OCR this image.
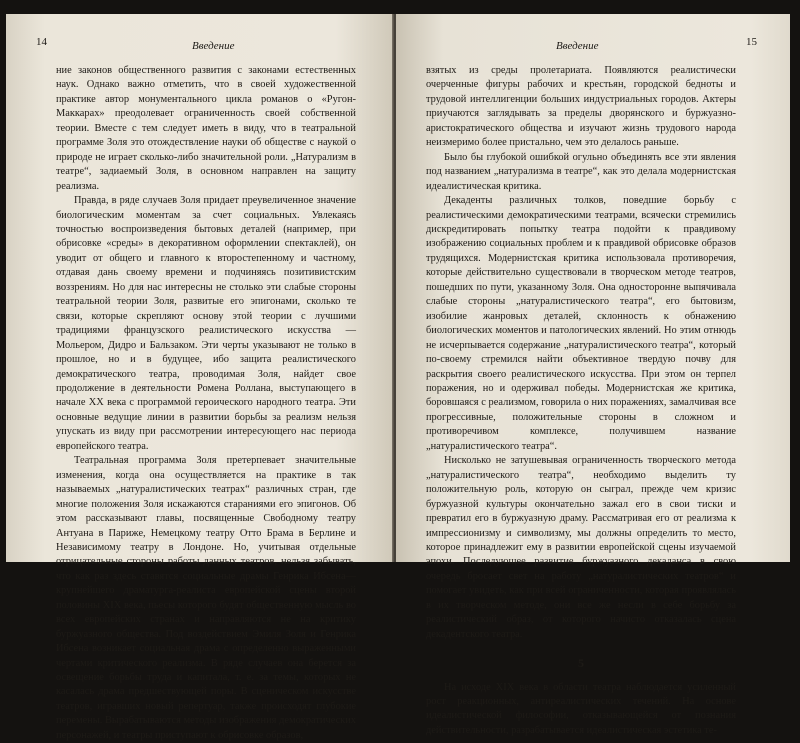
14	Введение

ние законов общественного развития с законами естественных наук. Однако важно отметить, что в своей художественной практике автор монументального цикла романов о «Ругон-Маккарах» преодолевает ограниченность своей собственной теории. Вместе с тем следует иметь в виду, что в театральной программе Золя это отождествление науки об обществе с наукой о природе не играет сколько-либо значительной роли. „Натурализм в театре“, задиаемый Золя, в основном направлен на защиту реализма.

Правда, в ряде случаев Золя придает преувеличенное значение биологическим моментам за счет социальных. Увлекаясь точностью воспроизведения бытовых деталей (например, при обрисовке «среды» в декоративном оформлении спектаклей), он уводит от общего и главного к второстепенному и частному, отдавая дань своему времени и подчиняясь позитивистским воззрениям. Но для нас интересны не столько эти слабые стороны театральной теории Золя, развитые его эпигонами, сколько те связи, которые скрепляют основу этой теории с лучшими традициями французского реалистического искусства — Мольером, Дидро и Бальзаком. Эти черты указывают не только в прошлое, но и в будущее, ибо защита реалистического демократического театра, проводимая Золя, найдет свое продолжение в деятельности Ромена Роллана, выступающего в начале XX века с программой героического народного театра. Эти основные ведущие линии в развитии борьбы за реализм нельзя упускать из виду при рассмотрении интересующего нас периода европейского театра.

Театральная программа Золя претерпевает значительные изменения, когда она осуществляется на практике в так называемых „натуралистических театрах“ различных стран, где многие положения Золя искажаются стараниями его эпигонов. Об этом рассказывают главы, посвященные Свободному театру Антуана в Париже, Немецкому театру Отто Брама в Берлине и Независимому театру в Лондоне. Но, учитывая отдельные отрицательные стороны работы данных театров, нельзя забывать, что как раз здесь ставятся социальные драмы Генрика Ибсена—крупнейшего драматурга-реалиста европейской сцены второй половины XIX века, пьесы которого будят общественную мысль во всех европейских странах и направляются не на критику буржуазного общества. Под воздействием Эмиля Золя и Генрика Ибсена возникает социальная драма с определенно выраженными чертами критического реализма. В ряде случаев она берется за освещение борьбы труда и капитала, т. е. за темы, которых не касалась драма предшествующей поры. В сценическом искусстве театров, игравших новый репертуар, также происходят глубокие перемены. Вырабатываются методы изображения демократических персонажей, и театры приступают к обрисовке образов,

Введение	15

взятых из среды пролетариата. Появляются реалистически очерченные фигуры рабочих и крестьян, городской бедноты и трудовой интеллигенции больших индустриальных городов. Актеры приучаются заглядывать за пределы дворянского и буржуазно-аристократического общества и изучают жизнь трудового народа неизмеримо более пристально, чем это делалось раньше.

Было бы глубокой ошибкой огульно объединять все эти явления под названием „натурализма в театре“, как это делала модернистская идеалистическая критика.

Декаденты различных толков, поведшие борьбу с реалистическими демократическими театрами, всячески стремились дискредитировать попытку театра подойти к правдивому изображению социальных проблем и к правдивой обрисовке образов трудящихся. Модернистская критика использовала противоречия, которые действительно существовали в творческом методе театров, пошедших по пути, указанному Золя. Она односторонне выпячивала слабые стороны „натуралистического театра“, его бытовизм, изобилие жанровых деталей, склонность к обнажению биологических моментов и патологических явлений. Но этим отнюдь не исчерпывается содержание „натуралистического театра“, который по-своему стремился найти объективное твердую почву для раскрытия своего реалистического искусства. При этом он терпел поражения, но и одерживал победы. Модернистская же критика, боровшаяся с реализмом, говорила о них поражениях, замалчивая все прогрессивные, положительные стороны в сложном и противоречивом комплексе, получившем название „натуралистического театра“.

Нисколько не затушевывая ограниченность творческого метода „натуралистического театра“, необходимо выделить ту положительную роль, которую он сыграл, прежде чем кризис буржуазной культуры окончательно зажал его в свои тиски и превратил его в буржуазную драму. Рассматривая его от реализма к импрессионизму и символизму, мы должны определить то место, которое принадлежит ему в развитии европейской сцены изучаемой эпохи. Последующее развитие буржуазного декаданса в свою очередь бросает свет на работу „натуралистических театров“ и помогает увидеть, как при всей ограниченности, которая проявлялась в их творческом методе, они все же несли в себе борьбу за реалистический образ, от которого начисто отказалась сцена декадентского театра.

5

На исходе XIX века в области театра наблюдается усиленный рост реакционных, антиреалистических течений. На основе идеалистической философии, отказывающейся от познания действительности, разрабатывается идеалистическая эстетика те-
